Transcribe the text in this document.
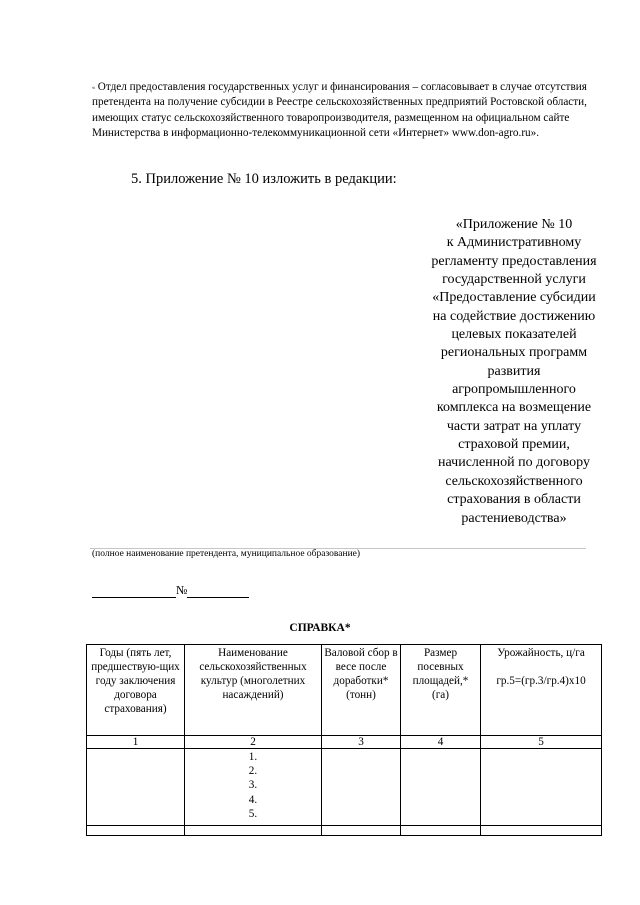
« Отдел предоставления государственных услуг и финансирования – согласовывает в случае отсутствия претендента на получение субсидии в Реестре сельскохозяйственных предприятий Ростовской области, имеющих статус сельскохозяйственного товаропроизводителя, размещенном на официальном сайте Министерства в информационно-телекоммуникационной сети «Интернет» www.don-agro.ru».
5. Приложение № 10 изложить в редакции:
«Приложение № 10
к Административному
регламенту предоставления
государственной услуги
«Предоставление субсидии
на содействие достижению
целевых показателей
региональных программ
развития
агропромышленного
комплекса на возмещение
части затрат на уплату
страховой премии,
начисленной по договору
сельскохозяйственного
страхования в области
растениеводства»
(полное наименование претендента, муниципальное образование)
№
СПРАВКА*
Годы (пять лет, предшествую-щих году заключения договора страхования)	Наименование сельскохозяйственных культур (многолетних насаждений)	Валовой сбор в весе после доработки* (тонн)	Размер посевных площадей,* (га)	Урожайность, ц/га
гр.5=(гр.3/гр.4)х10

1	2	3	4	5

	1.
2.
3.
4.
5.			
